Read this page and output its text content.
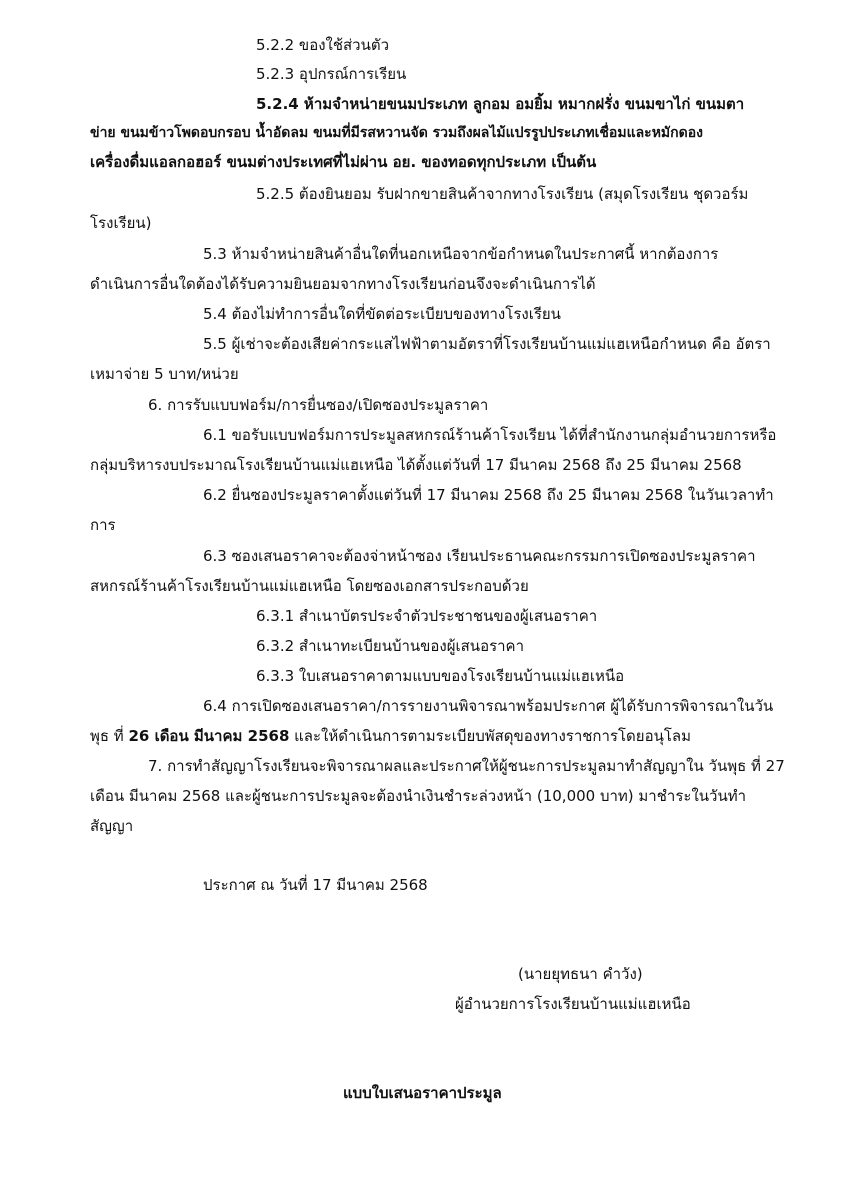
5.2.2 ของใช้ส่วนตัว
5.2.3 อุปกรณ์การเรียน
5.2.4 ห้ามจำหน่ายขนมประเภท ลูกอม อมยิ้ม หมากฝรั่ง ขนมขาไก่ ขนมตา
ข่าย ขนมข้าวโพดอบกรอบ น้ำอัดลม ขนมที่มีรสหวานจัด รวมถึงผลไม้แปรรูปประเภทเชื่อมและหมักดอง
เครื่องดื่มแอลกอฮอร์ ขนมต่างประเทศที่ไม่ผ่าน อย. ของทอดทุกประเภท เป็นต้น
5.2.5 ต้องยินยอม รับฝากขายสินค้าจากทางโรงเรียน (สมุดโรงเรียน ชุดวอร์ม
โรงเรียน)
5.3 ห้ามจำหน่ายสินค้าอื่นใดที่นอกเหนือจากข้อกำหนดในประกาศนี้ หากต้องการ
ดำเนินการอื่นใดต้องได้รับความยินยอมจากทางโรงเรียนก่อนจึงจะดำเนินการได้
5.4 ต้องไม่ทำการอื่นใดที่ขัดต่อระเบียบของทางโรงเรียน
5.5 ผู้เช่าจะต้องเสียค่ากระแสไฟฟ้าตามอัตราที่โรงเรียนบ้านแม่แฮเหนือกำหนด คือ อัตรา
เหมาจ่าย 5 บาท/หน่วย
6. การรับแบบฟอร์ม/การยื่นซอง/เปิดซองประมูลราคา
6.1 ขอรับแบบฟอร์มการประมูลสหกรณ์ร้านค้าโรงเรียน ได้ที่สำนักงานกลุ่มอำนวยการหรือ
กลุ่มบริหารงบประมาณโรงเรียนบ้านแม่แฮเหนือ ได้ตั้งแต่วันที่ 17 มีนาคม 2568 ถึง 25 มีนาคม 2568
6.2 ยื่นซองประมูลราคาตั้งแต่วันที่ 17 มีนาคม 2568 ถึง 25 มีนาคม 2568 ในวันเวลาทำ
การ
6.3 ซองเสนอราคาจะต้องจ่าหน้าซอง เรียนประธานคณะกรรมการเปิดซองประมูลราคา
สหกรณ์ร้านค้าโรงเรียนบ้านแม่แฮเหนือ โดยซองเอกสารประกอบด้วย
6.3.1 สำเนาบัตรประจำตัวประชาชนของผู้เสนอราคา
6.3.2 สำเนาทะเบียนบ้านของผู้เสนอราคา
6.3.3 ใบเสนอราคาตามแบบของโรงเรียนบ้านแม่แฮเหนือ
6.4 การเปิดซองเสนอราคา/การรายงานพิจารณาพร้อมประกาศ ผู้ได้รับการพิจารณาในวัน
พุธ ที่ 26 เดือน มีนาคม 2568 และให้ดำเนินการตามระเบียบพัสดุของทางราชการโดยอนุโลม
7. การทำสัญญาโรงเรียนจะพิจารณาผลและประกาศให้ผู้ชนะการประมูลมาทำสัญญาใน วันพุธ ที่ 27
เดือน มีนาคม 2568 และผู้ชนะการประมูลจะต้องนำเงินชำระล่วงหน้า (10,000 บาท) มาชำระในวันทำ
สัญญา
ประกาศ ณ วันที่ 17 มีนาคม 2568
(นายยุทธนา คำวัง)
ผู้อำนวยการโรงเรียนบ้านแม่แฮเหนือ
แบบใบเสนอราคาประมูล
